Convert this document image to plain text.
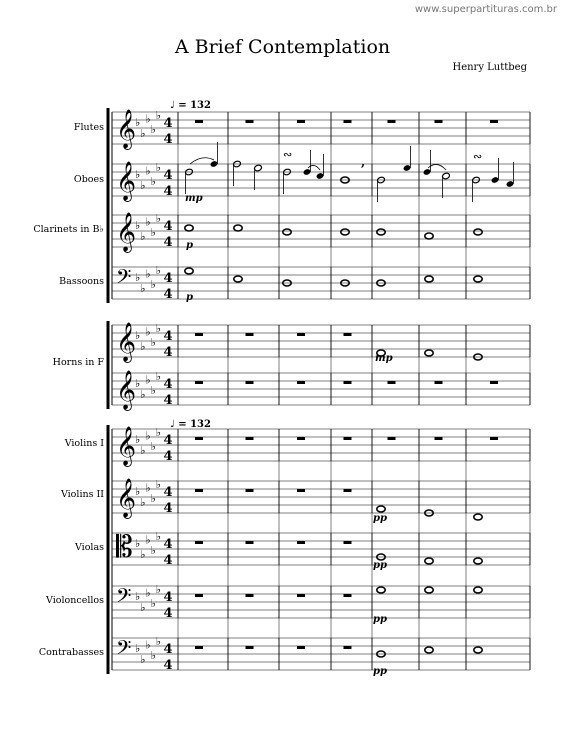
www.superpartituras.com.br
A Brief Contemplation
Henry Luttbeg
𝄞
♭
♭
♭
♭
♭
4
4
𝄞
♭
♭
♭
♭
♭
4
4
𝄞
♭
♭
♭
♭
♭
4
4
𝄢 ♭
♭
♭
♭
♭
4
4
𝄞
♭
♭
♭
♭
♭
4
4
𝄞
♭
♭
♭
♭
♭
4
4
𝄞
♭
♭
♭
♭
♭
4
4
𝄞
♭
♭
♭
♭
♭
4
4
𝄡 ♭
♭
♭
♭
♭
4
4
𝄢 ♭
♭
♭
♭
♭
4
4
𝄢 ♭
♭
♭
♭
♭
4
4
∾	∾
,
Flutes
Oboes
Clarinets in B♭
Bassoons
Horns in F
Violins I
Violins II
Violas
Violoncellos
Contrabasses
♩ = 132
♩ = 132
mp
p
p
mp
pp
pp
pp
pp
